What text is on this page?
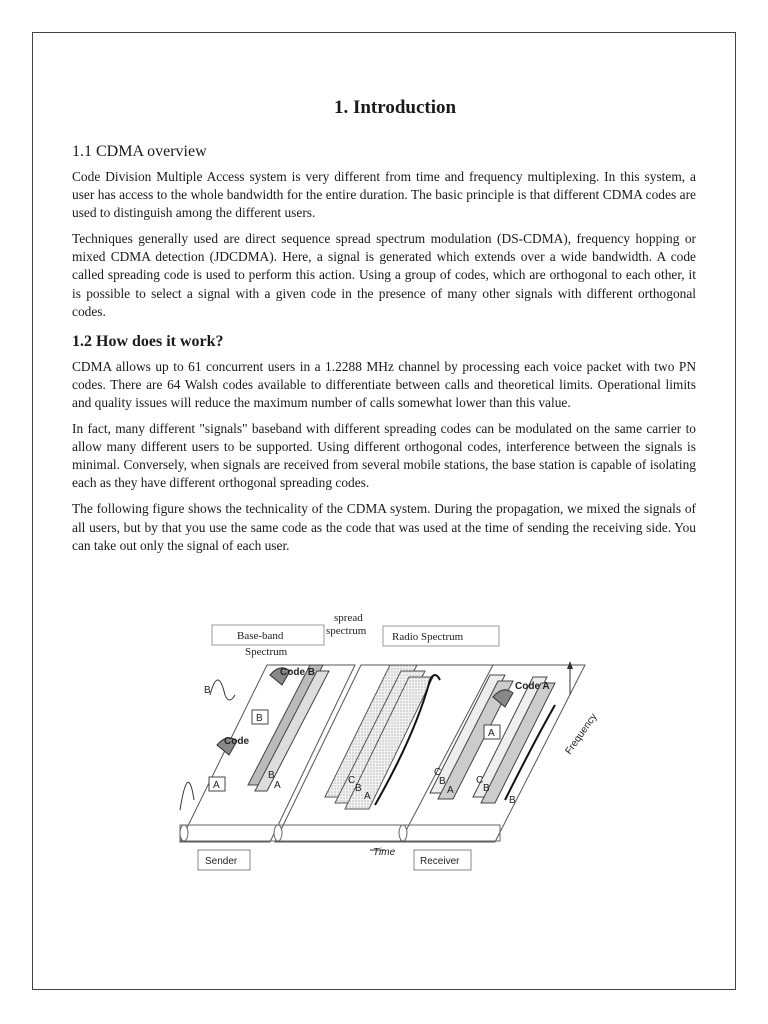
1. Introduction
1.1 CDMA overview

Code Division Multiple Access system is very different from time and frequency multiplexing. In this system, a user has access to the whole bandwidth for the entire duration. The basic principle is that different CDMA codes are used to distinguish among the different users.

Techniques generally used are direct sequence spread spectrum modulation (DS-CDMA), frequency hopping or mixed CDMA detection (JDCDMA). Here, a signal is generated which extends over a wide bandwidth. A code called spreading code is used to perform this action. Using a group of codes, which are orthogonal to each other, it is possible to select a signal with a given code in the presence of many other signals with different orthogonal codes.

1.2 How does it work?

CDMA allows up to 61 concurrent users in a 1.2288 MHz channel by processing each voice packet with two PN codes. There are 64 Walsh codes available to differentiate between calls and theoretical limits. Operational limits and quality issues will reduce the maximum number of calls somewhat lower than this value.

In fact, many different "signals" baseband with different spreading codes can be modulated on the same carrier to allow many different users to be supported. Using different orthogonal codes, interference between the signals is minimal. Conversely, when signals are received from several mobile stations, the base station is capable of isolating each as they have different orthogonal spreading codes.

The following figure shows the technicality of the CDMA system. During the propagation, we mixed the signals of all users, but by that you use the same code as the code that was used at the time of sending the receiving side. You can take out only the signal of each user.

Base-band
Spectrum
spread
spectrum Radio Spectrum
A
B
B
A
Code B
Code
B
C
B
A
C
B
A
C
B
A
Code A
B
Time
Frequency
Sender	Receiver
